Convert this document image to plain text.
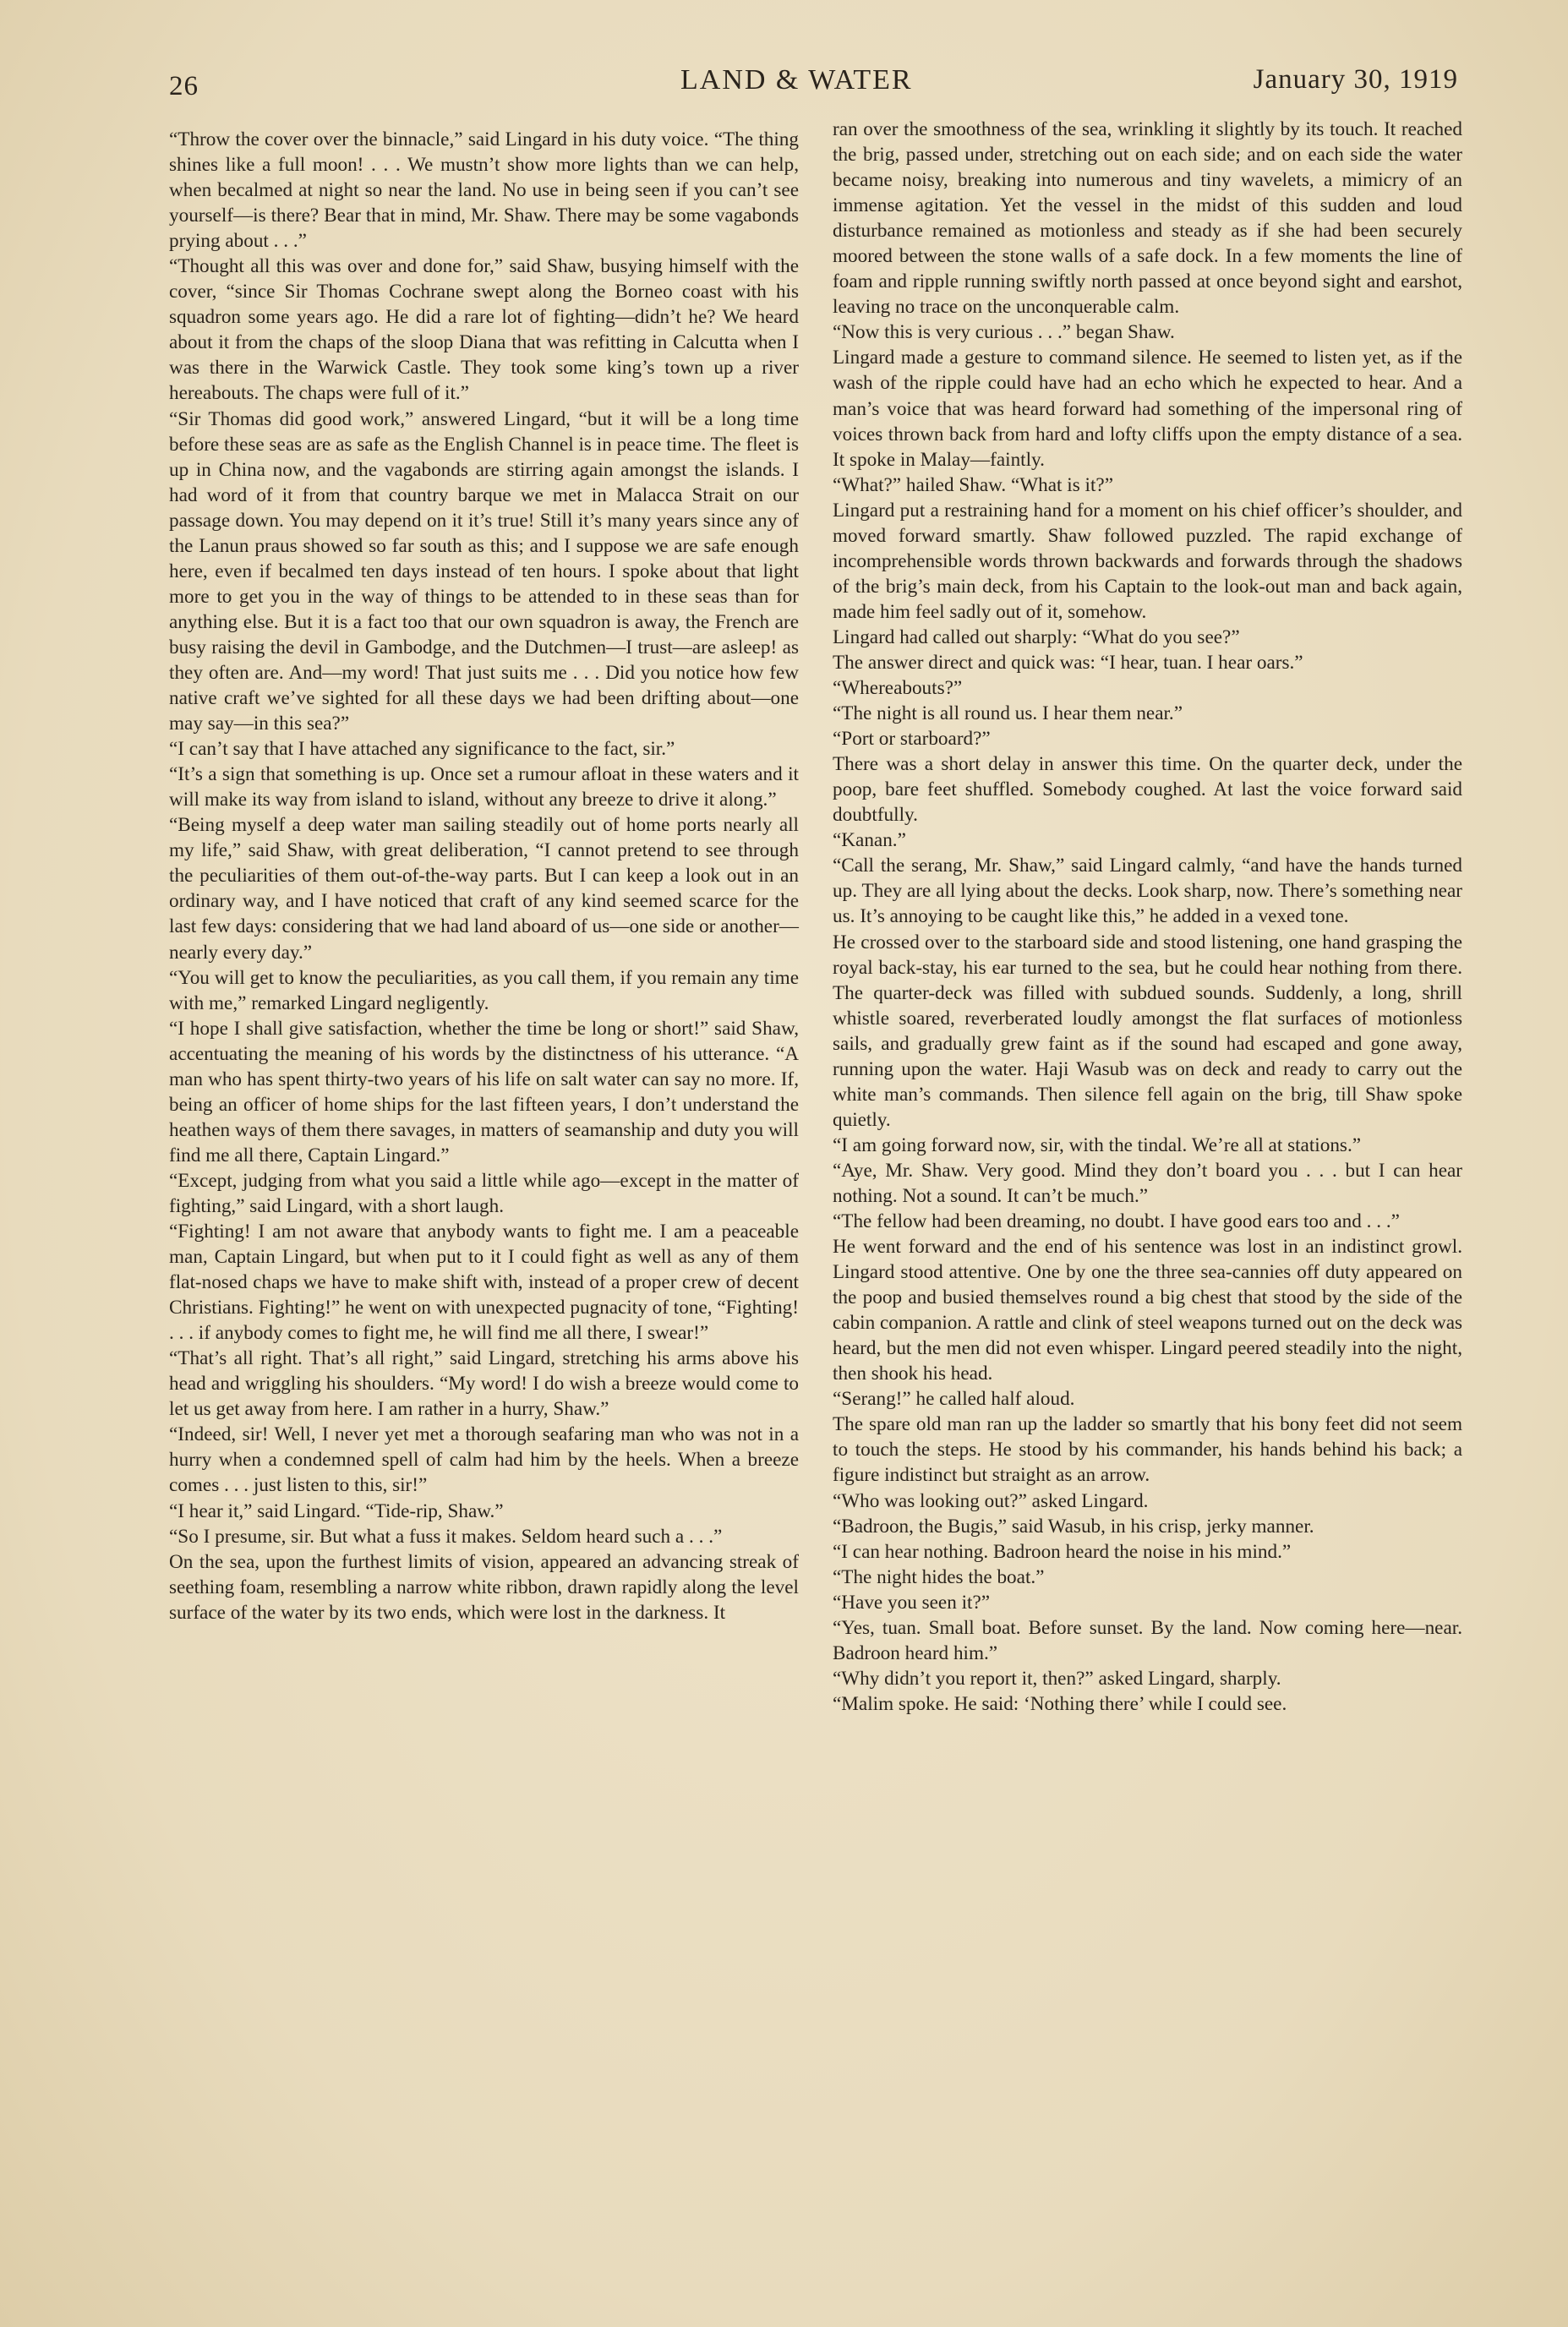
26	LAND & WATER	January 30, 1919

“Throw the cover over the binnacle,” said Lingard in his duty voice. “The thing shines like a full moon! . . . We mustn’t show more lights than we can help, when becalmed at night so near the land. No use in being seen if you can’t see yourself—is there? Bear that in mind, Mr. Shaw. There may be some vagabonds prying about . . .”

“Thought all this was over and done for,” said Shaw, busying himself with the cover, “since Sir Thomas Cochrane swept along the Borneo coast with his squadron some years ago. He did a rare lot of fighting—didn’t he? We heard about it from the chaps of the sloop Diana that was refitting in Calcutta when I was there in the Warwick Castle. They took some king’s town up a river hereabouts. The chaps were full of it.”

“Sir Thomas did good work,” answered Lingard, “but it will be a long time before these seas are as safe as the English Channel is in peace time. The fleet is up in China now, and the vagabonds are stirring again amongst the islands. I had word of it from that country barque we met in Malacca Strait on our passage down. You may depend on it it’s true! Still it’s many years since any of the Lanun praus showed so far south as this; and I suppose we are safe enough here, even if becalmed ten days instead of ten hours. I spoke about that light more to get you in the way of things to be attended to in these seas than for anything else. But it is a fact too that our own squadron is away, the French are busy raising the devil in Gambodge, and the Dutchmen—I trust—are asleep! as they often are. And—my word! That just suits me . . . Did you notice how few native craft we’ve sighted for all these days we had been drifting about—one may say—in this sea?”

“I can’t say that I have attached any significance to the fact, sir.”

“It’s a sign that something is up. Once set a rumour afloat in these waters and it will make its way from island to island, without any breeze to drive it along.”

“Being myself a deep water man sailing steadily out of home ports nearly all my life,” said Shaw, with great deliberation, “I cannot pretend to see through the peculiarities of them out-of-the-way parts. But I can keep a look out in an ordinary way, and I have noticed that craft of any kind seemed scarce for the last few days: considering that we had land aboard of us—one side or another—nearly every day.”

“You will get to know the peculiarities, as you call them, if you remain any time with me,” remarked Lingard negligently.

“I hope I shall give satisfaction, whether the time be long or short!” said Shaw, accentuating the meaning of his words by the distinctness of his utterance. “A man who has spent thirty-two years of his life on salt water can say no more. If, being an officer of home ships for the last fifteen years, I don’t understand the heathen ways of them there savages, in matters of seamanship and duty you will find me all there, Captain Lingard.”

“Except, judging from what you said a little while ago—except in the matter of fighting,” said Lingard, with a short laugh.

“Fighting! I am not aware that anybody wants to fight me. I am a peaceable man, Captain Lingard, but when put to it I could fight as well as any of them flat-nosed chaps we have to make shift with, instead of a proper crew of decent Christians. Fighting!” he went on with unexpected pugnacity of tone, “Fighting! . . . if anybody comes to fight me, he will find me all there, I swear!”

“That’s all right. That’s all right,” said Lingard, stretching his arms above his head and wriggling his shoulders. “My word! I do wish a breeze would come to let us get away from here. I am rather in a hurry, Shaw.”

“Indeed, sir! Well, I never yet met a thorough seafaring man who was not in a hurry when a condemned spell of calm had him by the heels. When a breeze comes . . . just listen to this, sir!”

“I hear it,” said Lingard. “Tide-rip, Shaw.”

“So I presume, sir. But what a fuss it makes. Seldom heard such a . . .”

On the sea, upon the furthest limits of vision, appeared an advancing streak of seething foam, resembling a narrow white ribbon, drawn rapidly along the level surface of the water by its two ends, which were lost in the darkness. It

ran over the smoothness of the sea, wrinkling it slightly by its touch. It reached the brig, passed under, stretching out on each side; and on each side the water became noisy, breaking into numerous and tiny wavelets, a mimicry of an immense agitation. Yet the vessel in the midst of this sudden and loud disturbance remained as motionless and steady as if she had been securely moored between the stone walls of a safe dock. In a few moments the line of foam and ripple running swiftly north passed at once beyond sight and earshot, leaving no trace on the unconquerable calm.

“Now this is very curious . . .” began Shaw.

Lingard made a gesture to command silence. He seemed to listen yet, as if the wash of the ripple could have had an echo which he expected to hear. And a man’s voice that was heard forward had something of the impersonal ring of voices thrown back from hard and lofty cliffs upon the empty distance of a sea. It spoke in Malay—faintly.

“What?” hailed Shaw. “What is it?”

Lingard put a restraining hand for a moment on his chief officer’s shoulder, and moved forward smartly. Shaw followed puzzled. The rapid exchange of incomprehensible words thrown backwards and forwards through the shadows of the brig’s main deck, from his Captain to the look-out man and back again, made him feel sadly out of it, somehow.

Lingard had called out sharply: “What do you see?”

The answer direct and quick was: “I hear, tuan. I hear oars.”

“Whereabouts?”

“The night is all round us. I hear them near.”

“Port or starboard?”

There was a short delay in answer this time. On the quarter deck, under the poop, bare feet shuffled. Somebody coughed. At last the voice forward said doubtfully.

“Kanan.”

“Call the serang, Mr. Shaw,” said Lingard calmly, “and have the hands turned up. They are all lying about the decks. Look sharp, now. There’s something near us. It’s annoying to be caught like this,” he added in a vexed tone.

He crossed over to the starboard side and stood listening, one hand grasping the royal back-stay, his ear turned to the sea, but he could hear nothing from there. The quarter-deck was filled with subdued sounds. Suddenly, a long, shrill whistle soared, reverberated loudly amongst the flat surfaces of motionless sails, and gradually grew faint as if the sound had escaped and gone away, running upon the water. Haji Wasub was on deck and ready to carry out the white man’s commands. Then silence fell again on the brig, till Shaw spoke quietly.

“I am going forward now, sir, with the tindal. We’re all at stations.”

“Aye, Mr. Shaw. Very good. Mind they don’t board you . . . but I can hear nothing. Not a sound. It can’t be much.”

“The fellow had been dreaming, no doubt. I have good ears too and . . .”

He went forward and the end of his sentence was lost in an indistinct growl. Lingard stood attentive. One by one the three sea-cannies off duty appeared on the poop and busied themselves round a big chest that stood by the side of the cabin companion. A rattle and clink of steel weapons turned out on the deck was heard, but the men did not even whisper. Lingard peered steadily into the night, then shook his head.

“Serang!” he called half aloud.

The spare old man ran up the ladder so smartly that his bony feet did not seem to touch the steps. He stood by his commander, his hands behind his back; a figure indistinct but straight as an arrow.

“Who was looking out?” asked Lingard.

“Badroon, the Bugis,” said Wasub, in his crisp, jerky manner.

“I can hear nothing. Badroon heard the noise in his mind.”

“The night hides the boat.”

“Have you seen it?”

“Yes, tuan. Small boat. Before sunset. By the land. Now coming here—near. Badroon heard him.”

“Why didn’t you report it, then?” asked Lingard, sharply.

“Malim spoke. He said: ‘Nothing there’ while I could see.
